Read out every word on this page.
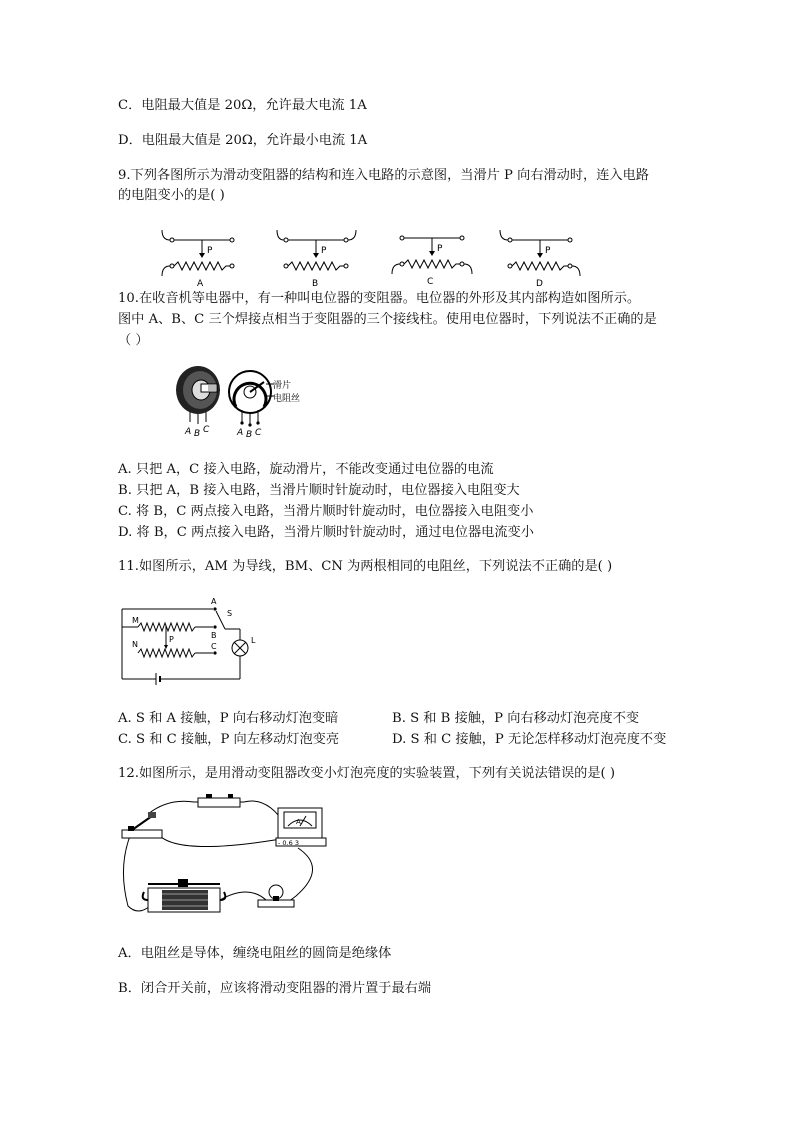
C．电阻最大值是 20Ω，允许最大电流 1A
D．电阻最大值是 20Ω，允许最小电流 1A
9.下列各图所示为滑动变阻器的结构和连入电路的示意图，当滑片 P 向右滑动时，连入电路
的电阻变小的是( )
P
A
P
B
P
C
P
D
10.在收音机等电器中，有一种叫电位器的变阻器。电位器的外形及其内部构造如图所示。
图中 A、B、C 三个焊接点相当于变阻器的三个接线柱。使用电位器时，下列说法不正确的是
（ ）
A B C	A B C
滑片
电阻丝
A. 只把 A，C 接入电路，旋动滑片，不能改变通过电位器的电流
B. 只把 A，B 接入电路，当滑片顺时针旋动时，电位器接入电阻变大
C. 将 B，C 两点接入电路，当滑片顺时针旋动时，电位器接入电阻变小
D. 将 B，C 两点接入电路，当滑片顺时针旋动时，通过电位器电流变小
11.如图所示，AM 为导线，BM、CN 为两根相同的电阻丝，下列说法不正确的是( )
A
S
M
B
P
N	C
L
A. S 和 A 接触，P 向右移动灯泡变暗	B. S 和 B 接触，P 向右移动灯泡亮度不变
C. S 和 C 接触，P 向左移动灯泡变亮	D. S 和 C 接触，P 无论怎样移动灯泡亮度不变
12.如图所示，是用滑动变阻器改变小灯泡亮度的实验装置，下列有关说法错误的是( )
A
- 0.6 3
A．电阻丝是导体，缠绕电阻丝的圆筒是绝缘体
B．闭合开关前，应该将滑动变阻器的滑片置于最右端
